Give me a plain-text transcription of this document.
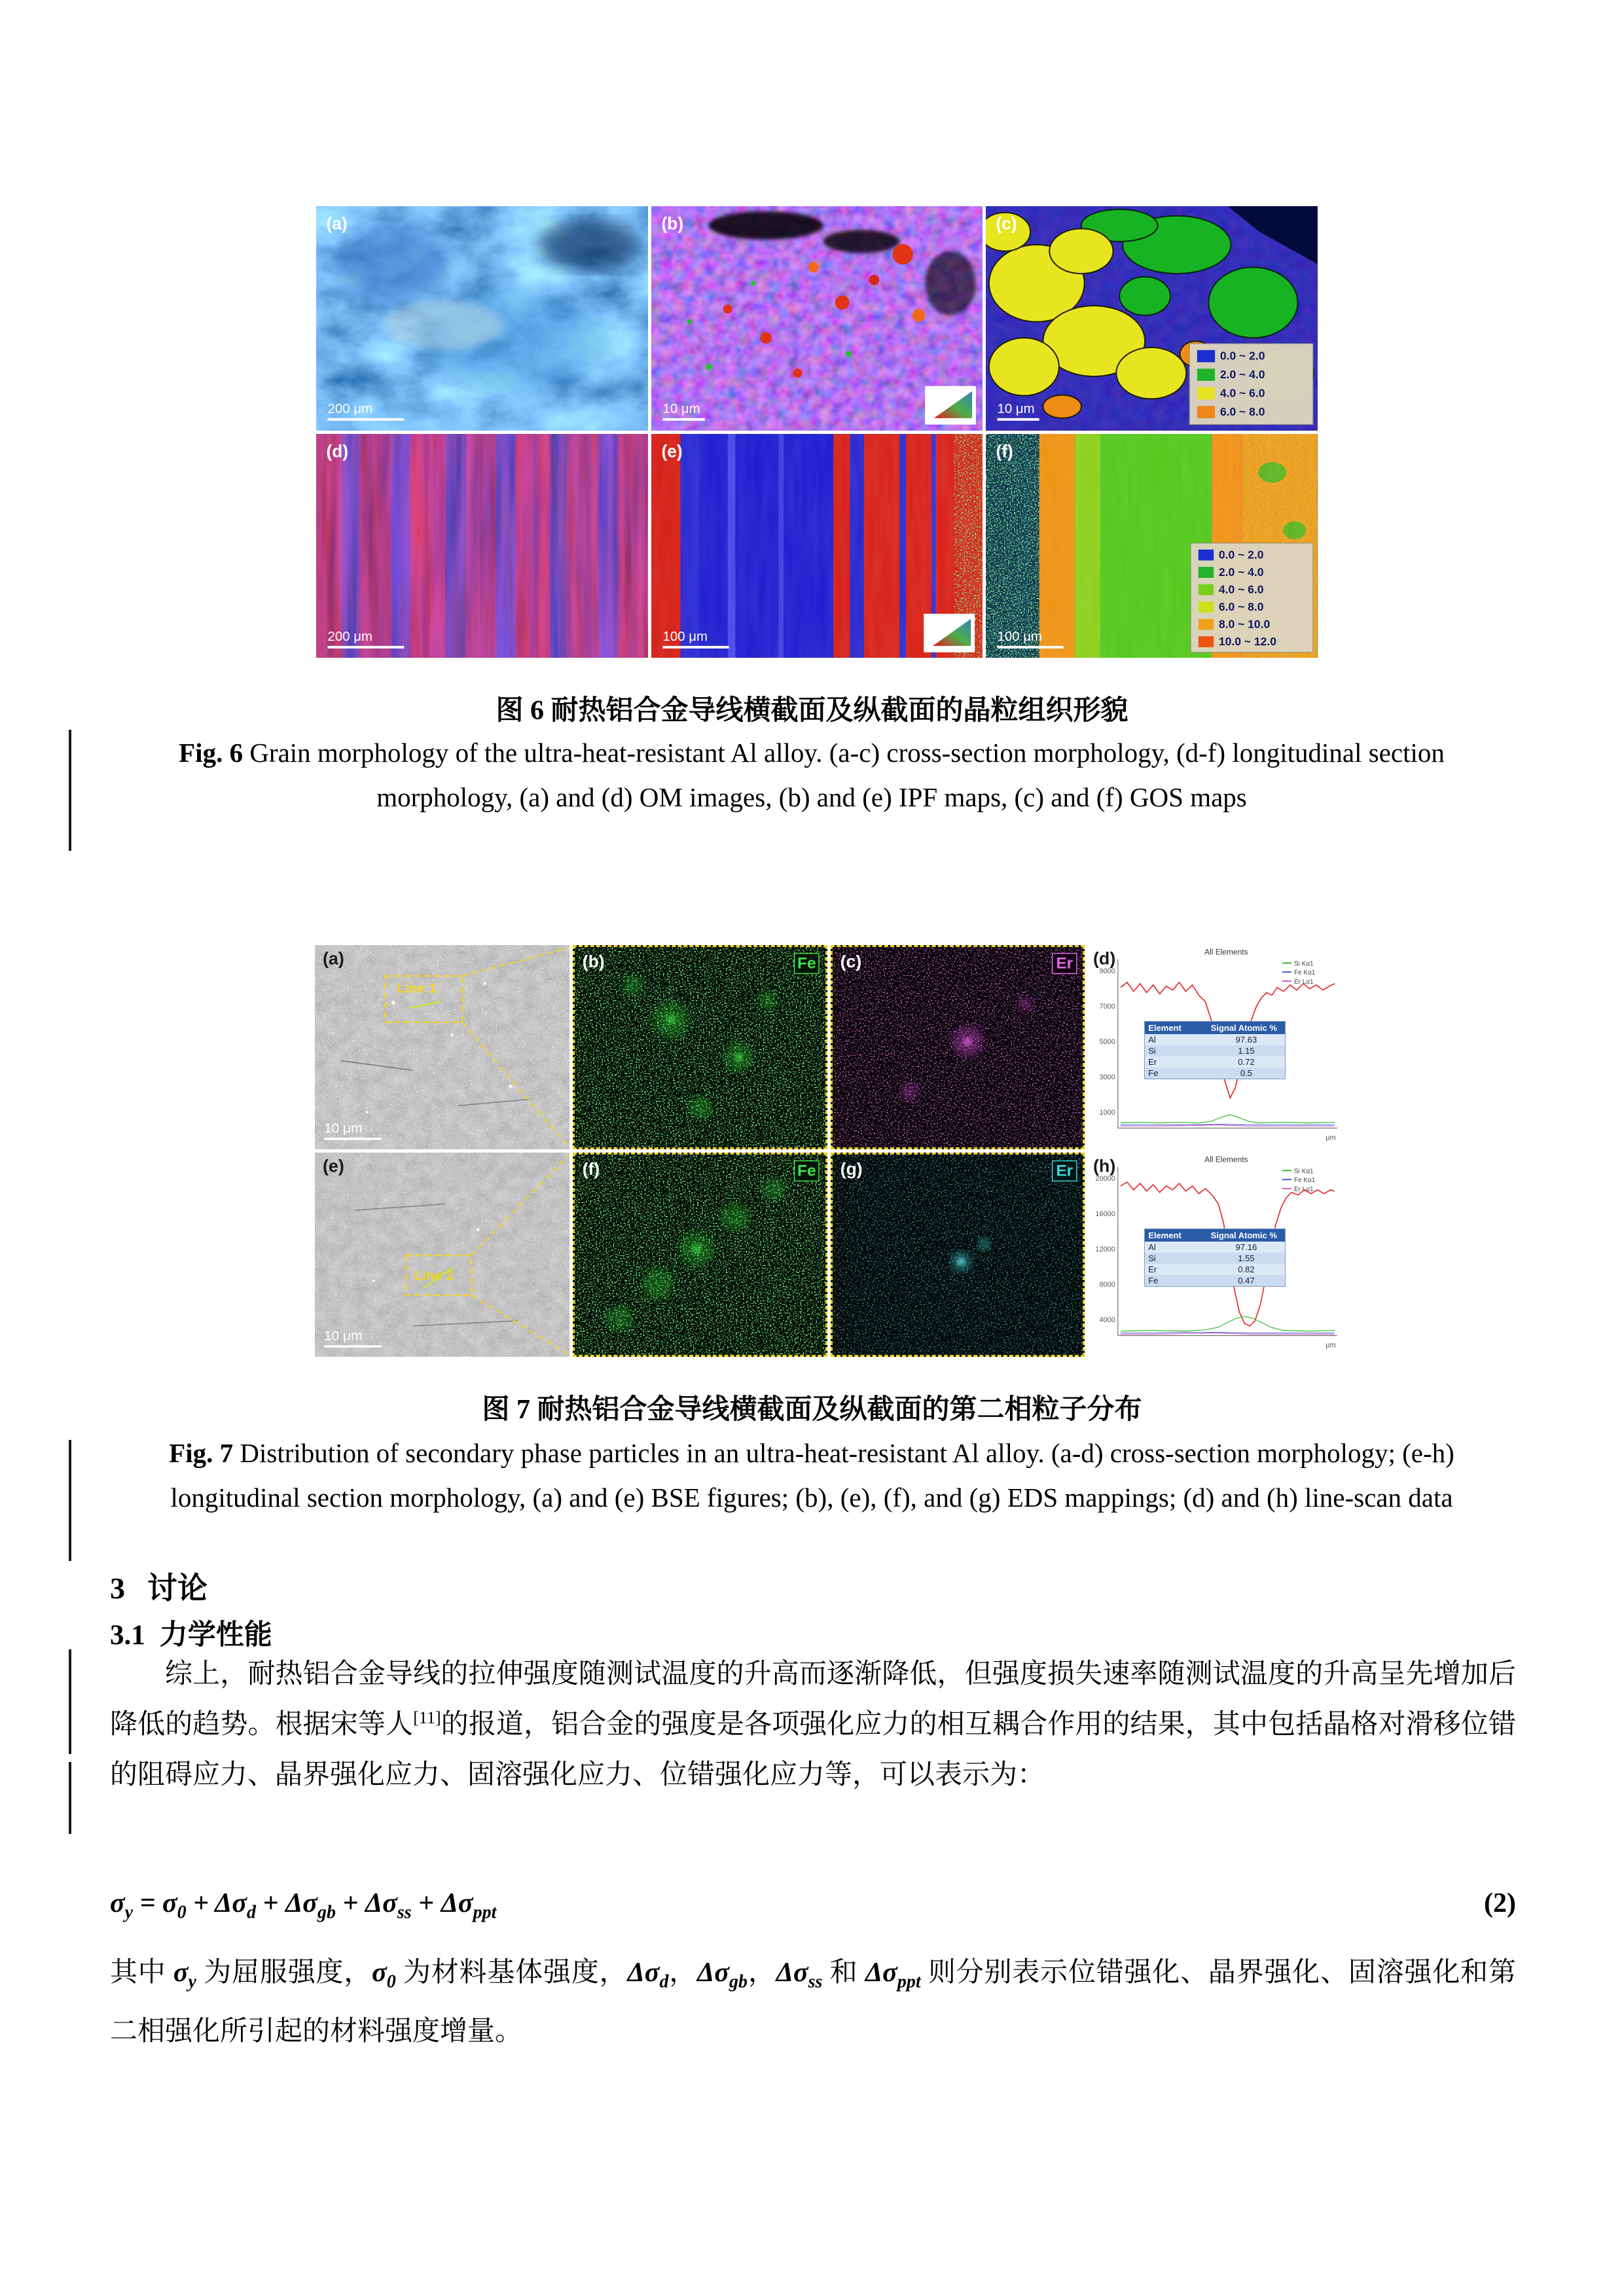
(a)
200 μm
(b)
10 μm
0.0 ~ 2.0
2.0 ~ 4.0
4.0 ~ 6.0
6.0 ~ 8.0
(c)
10 μm
(d)
200 μm
(e)
100 μm
0.0 ~ 2.0
2.0 ~ 4.0
4.0 ~ 6.0
6.0 ~ 8.0
8.0 ~ 10.0
10.0 ~ 12.0
(f)
100 μm
图 6 耐热铝合金导线横截面及纵截面的晶粒组织形貌
Fig. 6 Grain morphology of the ultra-heat-resistant Al alloy. (a-c) cross-section morphology, (d-f) longitudinal section morphology, (a) and (d) OM images, (b) and (e) IPF maps, (c) and (f) GOS maps
Line 1
(a)
10 μm
Fe
(b)	Er
(c)	All Elements
9000
7000
5000
3000
1000
μm
Si Kα1
Fe Kα1
Er Lα1
(d)
Element	Signal Atomic %
Al	97.63
Si	1.15
Er	0.72
Fe	0.5
Line 2
(e)
10 μm
Fe
(f)	Er
(g)	All Elements
20000
16000
12000
8000
4000
μm
Si Kα1
Fe Kα1
Er Lα1
(h)
Element	Signal Atomic %
Al	97.16
Si	1.55
Er	0.82
Fe	0.47
图 7 耐热铝合金导线横截面及纵截面的第二相粒子分布
Fig. 7 Distribution of secondary phase particles in an ultra-heat-resistant Al alloy. (a-d) cross-section morphology; (e-h) longitudinal section morphology, (a) and (e) BSE figures; (b), (e), (f), and (g) EDS mappings; (d) and (h) line-scan data
3 讨论
3.1 力学性能

综上，耐热铝合金导线的拉伸强度随测试温度的升高而逐渐降低，但强度损失速率随测试温度的升高呈先增加后降低的趋势。根据宋等人[11]的报道，铝合金的强度是各项强化应力的相互耦合作用的结果，其中包括晶格对滑移位错的阻碍应力、晶界强化应力、固溶强化应力、位错强化应力等，可以表示为：

$\sigma_y = \sigma_0 + \Delta\sigma_d + \Delta\sigma_{gb} + \Delta\sigma_{ss} + \Delta\sigma_{ppt}$	(2)

其中 $\sigma_y$ 为屈服强度，$\sigma_0$ 为材料基体强度，$\Delta\sigma_d$，$\Delta\sigma_{gb}$，$\Delta\sigma_{ss}$ 和 $\Delta\sigma_{ppt}$ 则分别表示位错强化、晶界强化、固溶强化和第二相强化所引起的材料强度增量。
